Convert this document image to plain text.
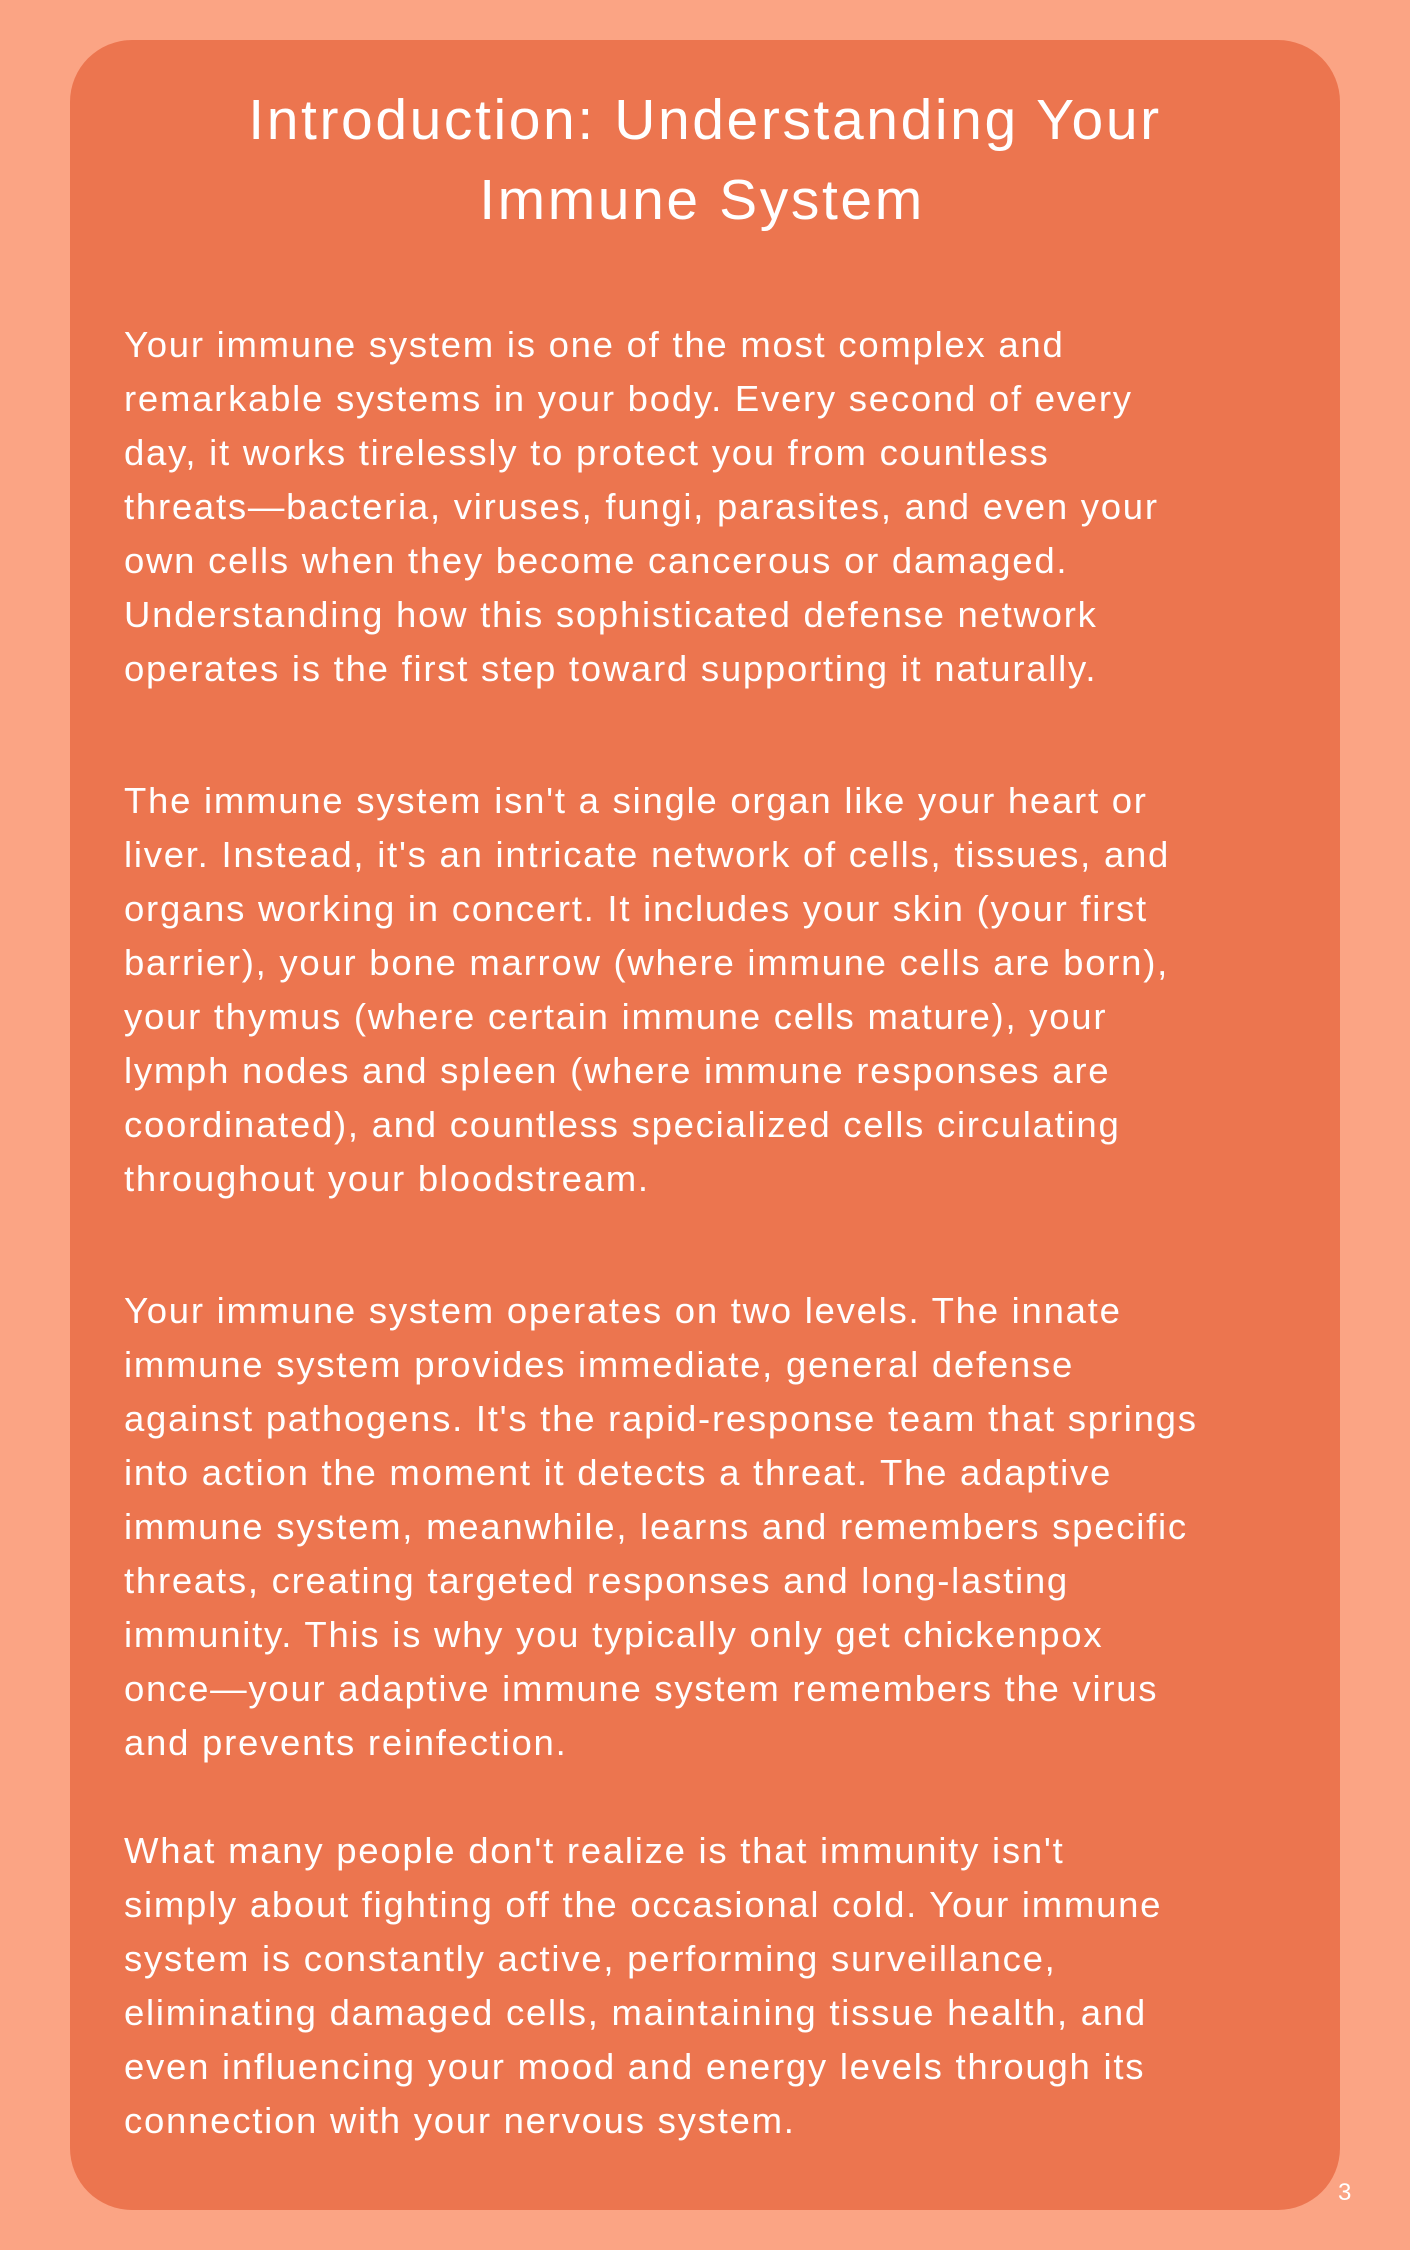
Introduction: Understanding Your
Immune System
Your immune system is one of the most complex and
remarkable systems in your body. Every second of every
day, it works tirelessly to protect you from countless
threats—bacteria, viruses, fungi, parasites, and even your
own cells when they become cancerous or damaged.
Understanding how this sophisticated defense network
operates is the first step toward supporting it naturally.
The immune system isn't a single organ like your heart or
liver. Instead, it's an intricate network of cells, tissues, and
organs working in concert. It includes your skin (your first
barrier), your bone marrow (where immune cells are born),
your thymus (where certain immune cells mature), your
lymph nodes and spleen (where immune responses are
coordinated), and countless specialized cells circulating
throughout your bloodstream.
Your immune system operates on two levels. The innate
immune system provides immediate, general defense
against pathogens. It's the rapid-response team that springs
into action the moment it detects a threat. The adaptive
immune system, meanwhile, learns and remembers specific
threats, creating targeted responses and long-lasting
immunity. This is why you typically only get chickenpox
once—your adaptive immune system remembers the virus
and prevents reinfection.
What many people don't realize is that immunity isn't
simply about fighting off the occasional cold. Your immune
system is constantly active, performing surveillance,
eliminating damaged cells, maintaining tissue health, and
even influencing your mood and energy levels through its
connection with your nervous system.
3
